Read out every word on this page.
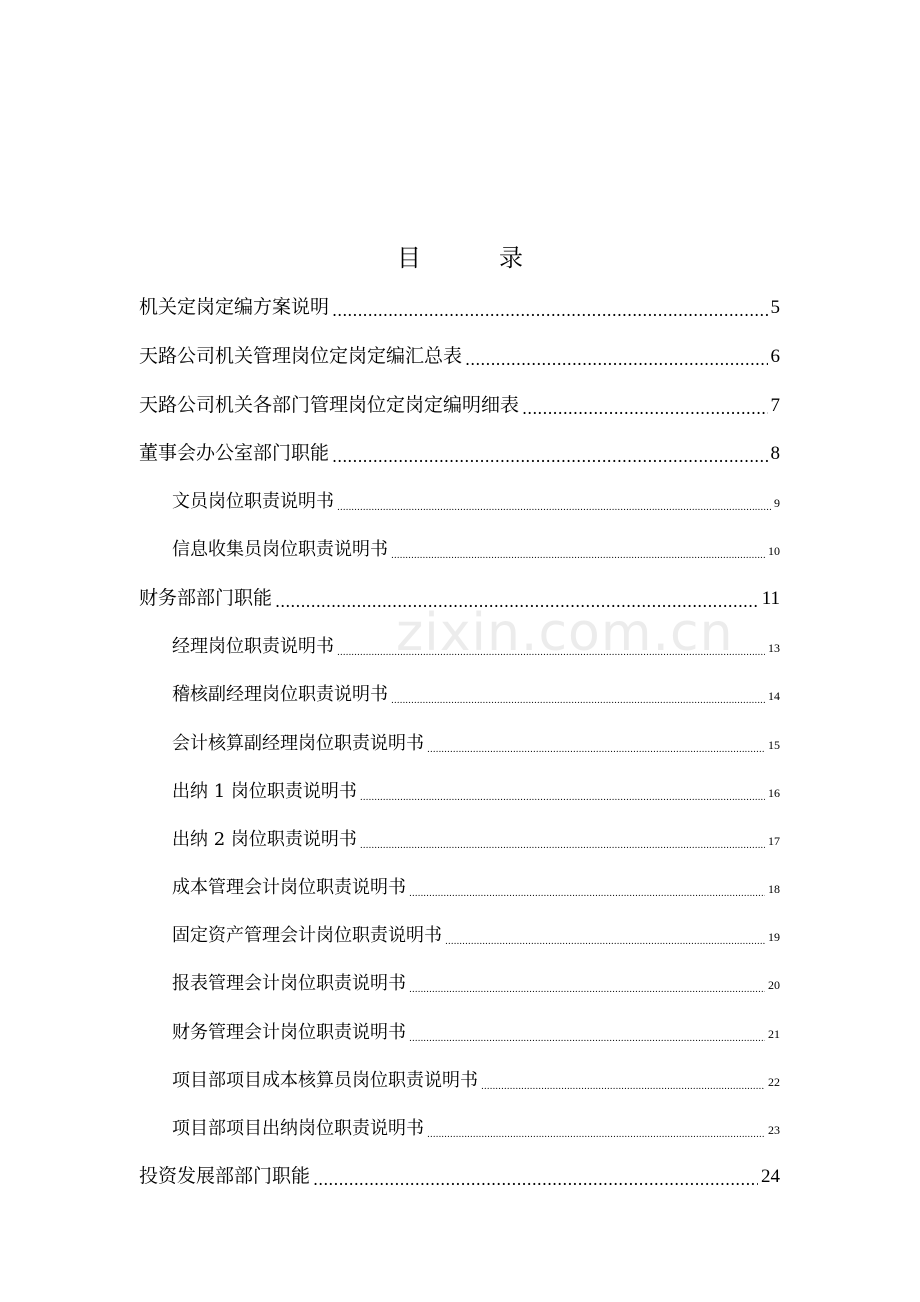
目	录
zixin.com.cn
机关定岗定编方案说明 .....	5
天路公司机关管理岗位定岗定编汇总表 .....	6
天路公司机关各部门管理岗位定岗定编明细表 .....	7
董事会办公室部门职能 .....	8
文员岗位职责说明书 .....	9
信息收集员岗位职责说明书 .....	10
财务部部门职能 .....	11
经理岗位职责说明书 .....	13
稽核副经理岗位职责说明书 .....	14
会计核算副经理岗位职责说明书 .....	15
出纳 1 岗位职责说明书 .....	16
出纳 2 岗位职责说明书 .....	17
成本管理会计岗位职责说明书 .....	18
固定资产管理会计岗位职责说明书 .....	19
报表管理会计岗位职责说明书 .....	20
财务管理会计岗位职责说明书 .....	21
项目部项目成本核算员岗位职责说明书 .....	22
项目部项目出纳岗位职责说明书 .....	23
投资发展部部门职能 .....	24
